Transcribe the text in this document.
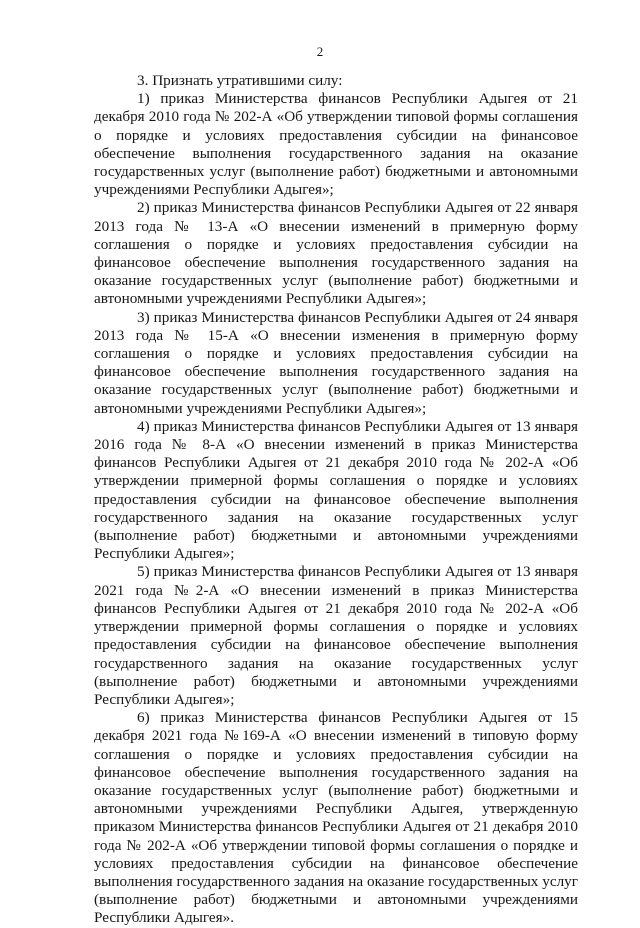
2

3. Признать утратившими силу:

1) приказ Министерства финансов Республики Адыгея от 21 декабря 2010 года № 202-А «Об утверждении типовой формы соглашения о порядке и условиях предоставления субсидии на финансовое обеспечение выполнения государственного задания на оказание государственных услуг (выполнение работ) бюджетными и автономными учреждениями Республики Адыгея»;

2) приказ Министерства финансов Республики Адыгея от 22 января 2013 года № 13-А «О внесении изменений в примерную форму соглашения о порядке и условиях предоставления субсидии на финансовое обеспечение выполнения государственного задания на оказание государственных услуг (выполнение работ) бюджетными и автономными учреждениями Республики Адыгея»;

3) приказ Министерства финансов Республики Адыгея от 24 января 2013 года № 15-А «О внесении изменения в примерную форму соглашения о порядке и условиях предоставления субсидии на финансовое обеспечение выполнения государственного задания на оказание государственных услуг (выполнение работ) бюджетными и автономными учреждениями Республики Адыгея»;

4) приказ Министерства финансов Республики Адыгея от 13 января 2016 года № 8-А «О внесении изменений в приказ Министерства финансов Республики Адыгея от 21 декабря 2010 года № 202-А «Об утверждении примерной формы соглашения о порядке и условиях предоставления субсидии на финансовое обеспечение выполнения государственного задания на оказание государственных услуг (выполнение работ) бюджетными и автономными учреждениями Республики Адыгея»;

5) приказ Министерства финансов Республики Адыгея от 13 января 2021 года №2-А «О внесении изменений в приказ Министерства финансов Республики Адыгея от 21 декабря 2010 года № 202-А «Об утверждении примерной формы соглашения о порядке и условиях предоставления субсидии на финансовое обеспечение выполнения государственного задания на оказание государственных услуг (выполнение работ) бюджетными и автономными учреждениями Республики Адыгея»;

6) приказ Министерства финансов Республики Адыгея от 15 декабря 2021 года №169-А «О внесении изменений в типовую форму соглашения о порядке и условиях предоставления субсидии на финансовое обеспечение выполнения государственного задания на оказание государственных услуг (выполнение работ) бюджетными и автономными учреждениями Республики Адыгея, утвержденную приказом Министерства финансов Республики Адыгея от 21 декабря 2010 года № 202-А «Об утверждении типовой формы соглашения о порядке и условиях предоставления субсидии на финансовое обеспечение выполнения государственного задания на оказание государственных услуг (выполнение работ) бюджетными и автономными учреждениями Республики Адыгея».
